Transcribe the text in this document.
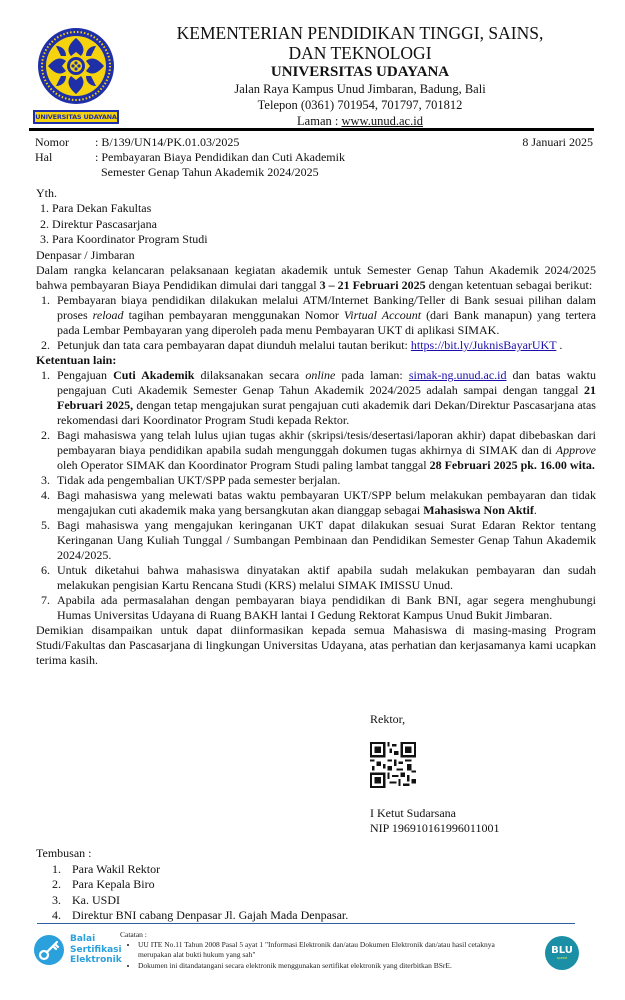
UNIVERSITAS UDAYANA
KEMENTERIAN PENDIDIKAN TINGGI, SAINS,
DAN TEKNOLOGI
UNIVERSITAS UDAYANA
Jalan Raya Kampus Unud Jimbaran, Badung, Bali
Telepon (0361) 701954, 701797, 701812
Laman : www.unud.ac.id
Nomor	: B/139/UN14/PK.01.03/2025
Hal	: Pembayaran Biaya Pendidikan dan Cuti Akademik
Semester Genap Tahun Akademik 2024/2025
8 Januari 2025
Yth.
1. Para Dekan Fakultas
2. Direktur Pascasarjana
3. Para Koordinator Program Studi
Denpasar / Jimbaran

Dalam rangka kelancaran pelaksanaan kegiatan akademik untuk Semester Genap Tahun Akademik 2024/2025 bahwa pembayaran Biaya Pendidikan dimulai dari tanggal 3 – 21 Februari 2025 dengan ketentuan sebagai berikut:

1. Pembayaran biaya pendidikan dilakukan melalui ATM/Internet Banking/Teller di Bank sesuai pilihan dalam proses reload tagihan pembayaran menggunakan Nomor Virtual Account (dari Bank manapun) yang tertera pada Lembar Pembayaran yang diperoleh pada menu Pembayaran UKT di aplikasi SIMAK.
2. Petunjuk dan tata cara pembayaran dapat diunduh melalui tautan berikut: https://bit.ly/JuknisBayarUKT .

Ketentuan lain:

1. Pengajuan Cuti Akademik dilaksanakan secara online pada laman: simak-ng.unud.ac.id dan batas waktu pengajuan Cuti Akademik Semester Genap Tahun Akademik 2024/2025 adalah sampai dengan tanggal 21 Februari 2025, dengan tetap mengajukan surat pengajuan cuti akademik dari Dekan/Direktur Pascasarjana atas rekomendasi dari Koordinator Program Studi kepada Rektor.
2. Bagi mahasiswa yang telah lulus ujian tugas akhir (skripsi/tesis/desertasi/laporan akhir) dapat dibebaskan dari pembayaran biaya pendidikan apabila sudah mengunggah dokumen tugas akhirnya di SIMAK dan di Approve oleh Operator SIMAK dan Koordinator Program Studi paling lambat tanggal 28 Februari 2025 pk. 16.00 wita.
3. Tidak ada pengembalian UKT/SPP pada semester berjalan.
4. Bagi mahasiswa yang melewati batas waktu pembayaran UKT/SPP belum melakukan pembayaran dan tidak mengajukan cuti akademik maka yang bersangkutan akan dianggap sebagai Mahasiswa Non Aktif.
5. Bagi mahasiswa yang mengajukan keringanan UKT dapat dilakukan sesuai Surat Edaran Rektor tentang Keringanan Uang Kuliah Tunggal / Sumbangan Pembinaan dan Pendidikan Semester Genap Tahun Akademik 2024/2025.
6. Untuk diketahui bahwa mahasiswa dinyatakan aktif apabila sudah melakukan pembayaran dan sudah melakukan pengisian Kartu Rencana Studi (KRS) melalui SIMAK IMISSU Unud.
7. Apabila ada permasalahan dengan pembayaran biaya pendidikan di Bank BNI, agar segera menghubungi Humas Universitas Udayana di Ruang BAKH lantai I Gedung Rektorat Kampus Unud Bukit Jimbaran.

Demikian disampaikan untuk dapat diinformasikan kepada semua Mahasiswa di masing-masing Program Studi/Fakultas dan Pascasarjana di lingkungan Universitas Udayana, atas perhatian dan kerjasamanya kami ucapkan terima kasih.

Rektor,
I Ketut Sudarsana
NIP 196910161996011001
Tembusan :
1. Para Wakil Rektor
2. Para Kepala Biro
3. Ka. USDI
4. Direktur BNI cabang Denpasar Jl. Gajah Mada Denpasar.
Balai
Sertifikasi
Elektronik
Catatan :
• UU ITE No.11 Tahun 2008 Pasal 5 ayat 1 "Informasi Elektronik dan/atau Dokumen Elektronik dan/atau hasil cetaknya merupakan alat bukti hukum yang sah"
• Dokumen ini ditandatangani secara elektronik menggunakan sertifikat elektronik yang diterbitkan BSrE.
BLU
speed
